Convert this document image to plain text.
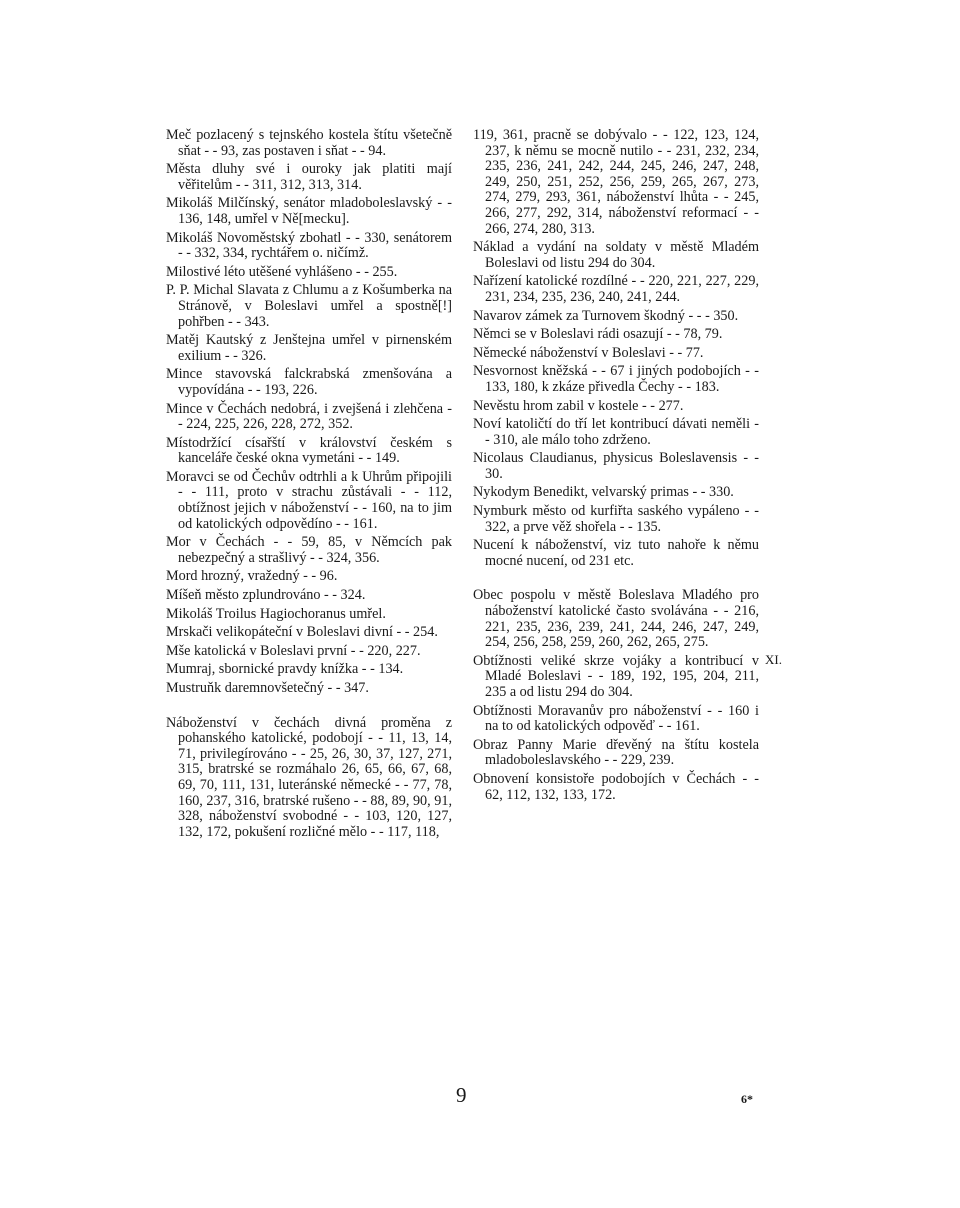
Meč pozlacený s tejnského kostela štítu všetečně sňat - - 93, zas postaven i sňat - - 94.

Města dluhy své i ouroky jak platiti mají věřitelům - - 311, 312, 313, 314.

Mikoláš Milčínský, senátor mladoboleslavský - - 136, 148, umřel v Ně[mecku].

Mikoláš Novoměstský zbohatl - - 330, senátorem - - 332, 334, rychtářem o. ničímž.

Milostivé léto utěšené vyhlášeno - - 255.

P. P. Michal Slavata z Chlumu a z Košumberka na Stránově, v Boleslavi umřel a spostně[!] pohřben - - 343.

Matěj Kautský z Jenštejna umřel v pirnenském exilium - - 326.

Mince stavovská falckrabská zmenšována a vypovídána - - 193, 226.

Mince v Čechách nedobrá, i zvejšená i zlehčena - - 224, 225, 226, 228, 272, 352.

Místodržící císařští v království českém s kanceláře české okna vymetáni - - 149.

Moravci se od Čechův odtrhli a k Uhrům připojili - - 111, proto v strachu zůstávali - - 112, obtížnost jejich v náboženství - - 160, na to jim od katolických odpovědíno - - 161.

Mor v Čechách - - 59, 85, v Němcích pak nebezpečný a strašlivý - - 324, 356.

Mord hrozný, vražedný - - 96.

Míšeň město zplundrováno - - 324.

Mikoláš Troilus Hagiochoranus umřel.

Mrskači velikopáteční v Boleslavi divní - - 254.

Mše katolická v Boleslavi první - - 220, 227.

Mumraj, sbornické pravdy knížka - - 134.

Mustruňk daremnovšetečný - - 347.

Náboženství v čechách divná proměna z pohanského katolické, podobojí - - 11, 13, 14, 71, privilegírováno - - 25, 26, 30, 37, 127, 271, 315, bratrské se rozmáhalo 26, 65, 66, 67, 68, 69, 70, 111, 131, luteránské německé - - 77, 78, 160, 237, 316, bratrské rušeno - - 88, 89, 90, 91, 328, náboženství svobodné - - 103, 120, 127, 132, 172, pokušení rozličné mělo - - 117, 118,

119, 361, pracně se dobývalo - - 122, 123, 124, 237, k němu se mocně nutilo - - 231, 232, 234, 235, 236, 241, 242, 244, 245, 246, 247, 248, 249, 250, 251, 252, 256, 259, 265, 267, 273, 274, 279, 293, 361, náboženství lhůta - - 245, 266, 277, 292, 314, náboženství reformací - - 266, 274, 280, 313.

Náklad a vydání na soldaty v městě Mladém Boleslavi od listu 294 do 304.

Nařízení katolické rozdílné - - 220, 221, 227, 229, 231, 234, 235, 236, 240, 241, 244.

Navarov zámek za Turnovem škodný - - - 350.

Němci se v Boleslavi rádi osazují - - 78, 79.

Německé náboženství v Boleslavi - - 77.

Nesvornost kněžská - - 67 i jiných podobojích - - 133, 180, k zkáze přivedla Čechy - - 183.

Nevěstu hrom zabil v kostele - - 277.

Noví katoličtí do tří let kontribucí dávati neměli - - 310, ale málo toho zdrženo.

Nicolaus Claudianus, physicus Boleslavensis - - 30.

Nykodym Benedikt, velvarský primas - - 330.

Nymburk město od kurfiřta saského vypáleno - - 322, a prve věž shořela - - 135.

Nucení k náboženství, viz tuto nahoře k němu mocné nucení, od 231 etc.

Obec pospolu v městě Boleslava Mladého pro náboženství katolické často svolávána - - 216, 221, 235, 236, 239, 241, 244, 246, 247, 249, 254, 256, 258, 259, 260, 262, 265, 275.

Obtížnosti veliké skrze vojáky a kontribucí v Mladé Boleslavi - - 189, 192, 195, 204, 211, 235 a od listu 294 do 304.

Obtížnosti Moravanův pro náboženství - - 160 i na to od katolických odpověď - - 161.

Obraz Panny Marie dřevěný na štítu kostela mladoboleslavského - - 229, 239.

Obnovení konsistoře podobojích v Čechách - - 62, 112, 132, 133, 172.

XI.
9	6*
